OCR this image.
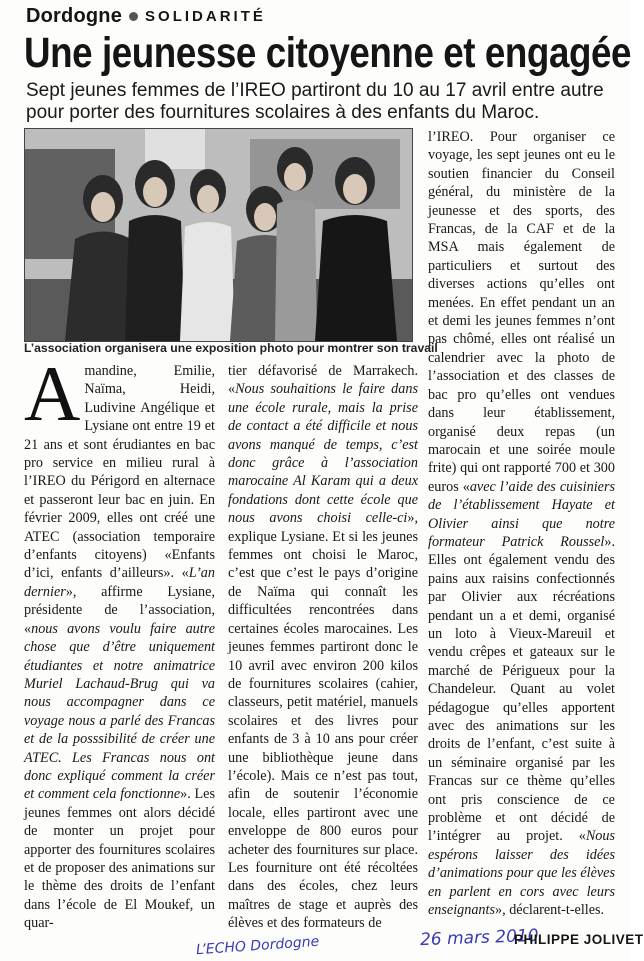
Dordogne SOLIDARITÉ
Une jeunesse citoyenne et engagée
Sept jeunes femmes de l’IREO partiront du 10 au 17 avril entre autre
pour porter des fournitures scolaires à des enfants du Maroc.
L’association organisera une exposition photo pour montrer son travail

Amandine, Emilie, Naïma, Heidi, Ludivine Angélique et Lysiane ont entre 19 et 21 ans et sont érudiantes en bac pro service en milieu rural à l’IREO du Périgord en alternace et passeront leur bac en juin. En février 2009, elles ont créé une ATEC (association temporaire d’enfants citoyens) «Enfants d’ici, enfants d’ailleurs». «L’an dernier», affirme Lysiane, présidente de l’association, «nous avons voulu faire autre chose que d’être uniquement étudiantes et notre animatrice Muriel Lachaud-Brug qui va nous accompagner dans ce voyage nous a parlé des Francas et de la posssibilité de créer une ATEC. Les Francas nous ont donc expliqué comment la créer et comment cela fonctionne». Les jeunes femmes ont alors décidé de monter un projet pour apporter des fournitures scolaires et de proposer des animations sur le thème des droits de l’enfant dans l’école de El Moukef, un quar-

tier défavorisé de Marrakech. «Nous souhaitions le faire dans une école rurale, mais la prise de contact a été difficile et nous avons manqué de temps, c’est donc grâce à l’association marocaine Al Karam qui a deux fondations dont cette école que nous avons choisi celle-ci», explique Lysiane. Et si les jeunes femmes ont choisi le Maroc, c’est que c’est le pays d’origine de Naïma qui connaît les difficultées rencontrées dans certaines écoles marocaines. Les jeunes femmes partiront donc le 10 avril avec environ 200 kilos de fournitures scolaires (cahier, classeurs, petit matériel, manuels scolaires et des livres pour enfants de 3 à 10 ans pour créer une bibliothèque jeune dans l’école). Mais ce n’est pas tout, afin de soutenir l’économie locale, elles partiront avec une enveloppe de 800 euros pour acheter des fournitures sur place. Les fourniture ont été récoltées dans des écoles, chez leurs maîtres de stage et auprès des élèves et des formateurs de

l’IREO. Pour organiser ce voyage, les sept jeunes ont eu le soutien financier du Conseil général, du ministère de la jeunesse et des sports, des Francas, de la CAF et de la MSA mais également de particuliers et surtout des diverses actions qu’elles ont menées. En effet pendant un an et demi les jeunes femmes n’ont pas chômé, elles ont réalisé un calendrier avec la photo de l’association et des classes de bac pro qu’elles ont vendues dans leur établissement, organisé deux repas (un marocain et une soirée moule frite) qui ont rapporté 700 et 300 euros «avec l’aide des cuisiniers de l’établissement Hayate et Olivier ainsi que notre formateur Patrick Roussel». Elles ont également vendu des pains aux raisins confectionnés par Olivier aux récréations pendant un a et demi, organisé un loto à Vieux-Mareuil et vendu crêpes et gateaux sur le marché de Périgueux pour la Chandeleur. Quant au volet pédagogue qu’elles apportent avec des animations sur les droits de l’enfant, c’est suite à un séminaire organisé par les Francas sur ce thème qu’elles ont pris conscience de ce problème et ont décidé de l’intégrer au projet. «Nous espérons laisser des idées d’animations pour que les élèves en parlent en cors avec leurs enseignants», déclarent-t-elles.

L’ECHO Dordogne	26 mars 2010
PHILIPPE JOLIVET
